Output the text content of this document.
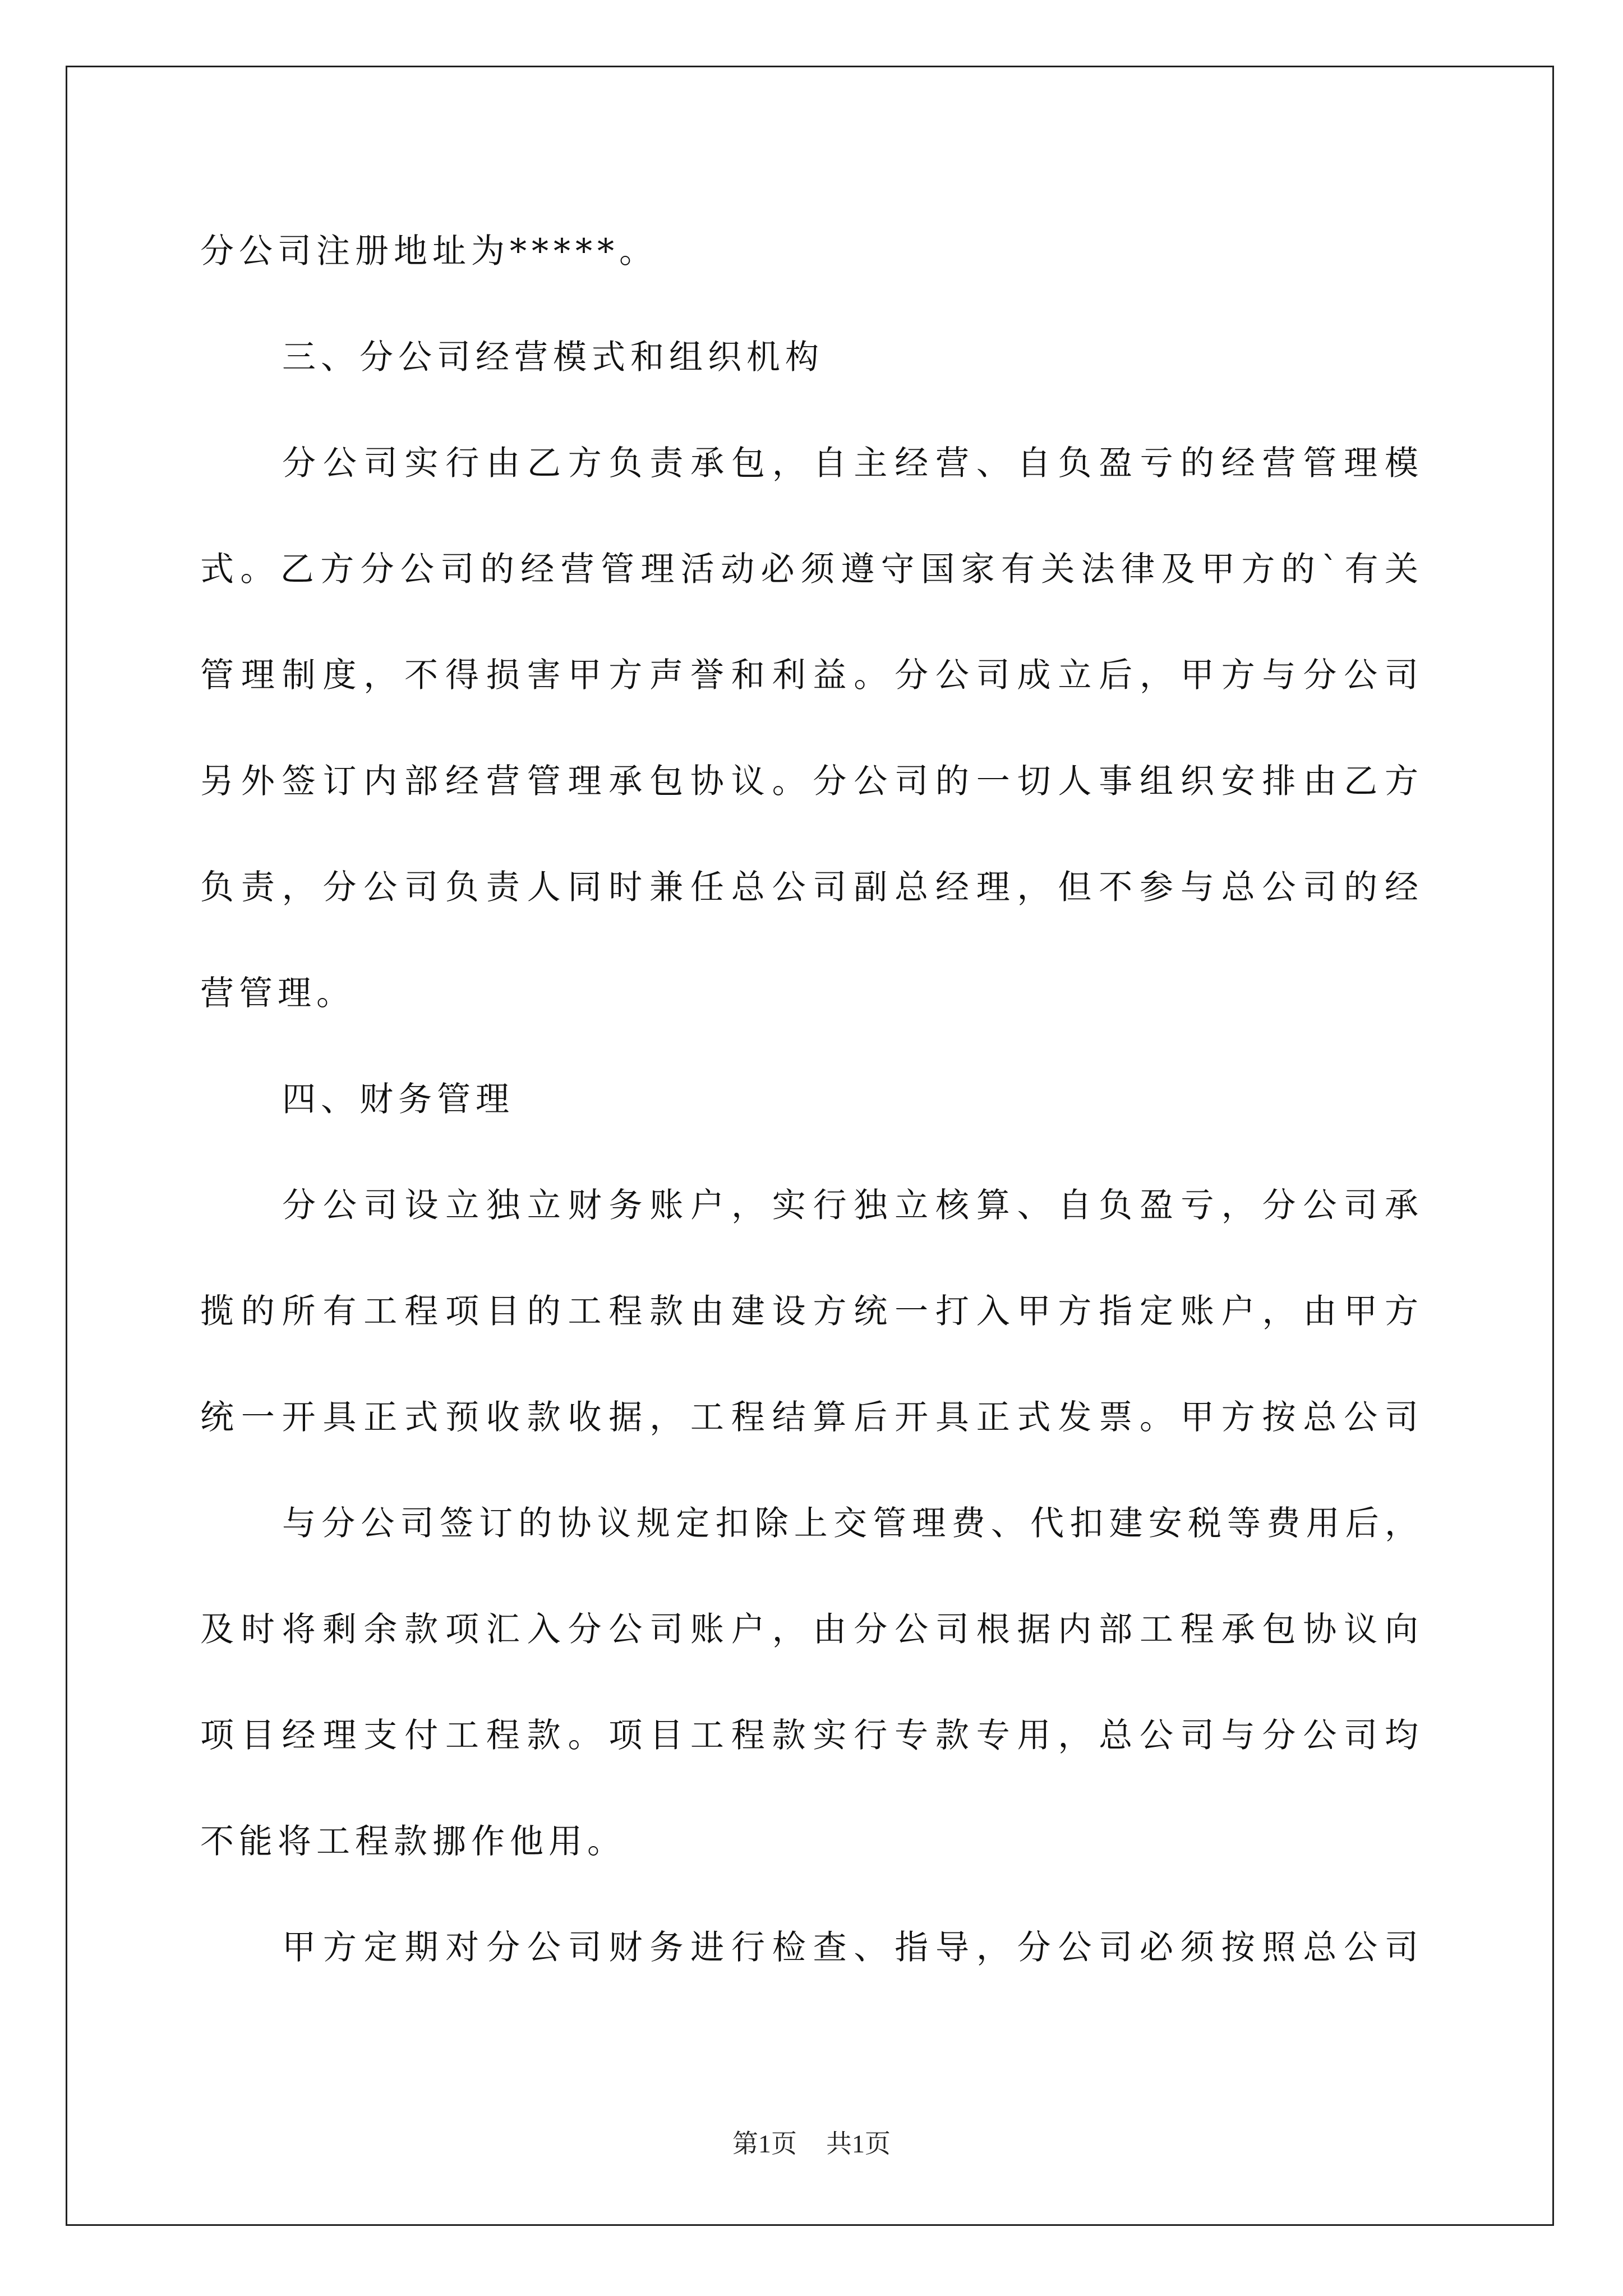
分公司注册地址为*****。
三、分公司经营模式和组织机构
分公司实行由乙方负责承包，自主经营、自负盈亏的经营管理模
式。乙方分公司的经营管理活动必须遵守国家有关法律及甲方的`有关
管理制度，不得损害甲方声誉和利益。分公司成立后，甲方与分公司
另外签订内部经营管理承包协议。分公司的一切人事组织安排由乙方
负责，分公司负责人同时兼任总公司副总经理，但不参与总公司的经
营管理。
四、财务管理
分公司设立独立财务账户，实行独立核算、自负盈亏，分公司承
揽的所有工程项目的工程款由建设方统一打入甲方指定账户，由甲方
统一开具正式预收款收据，工程结算后开具正式发票。甲方按总公司
与分公司签订的协议规定扣除上交管理费、代扣建安税等费用后，
及时将剩余款项汇入分公司账户，由分公司根据内部工程承包协议向
项目经理支付工程款。项目工程款实行专款专用，总公司与分公司均
不能将工程款挪作他用。
甲方定期对分公司财务进行检查、指导，分公司必须按照总公司
第1页 共1页
